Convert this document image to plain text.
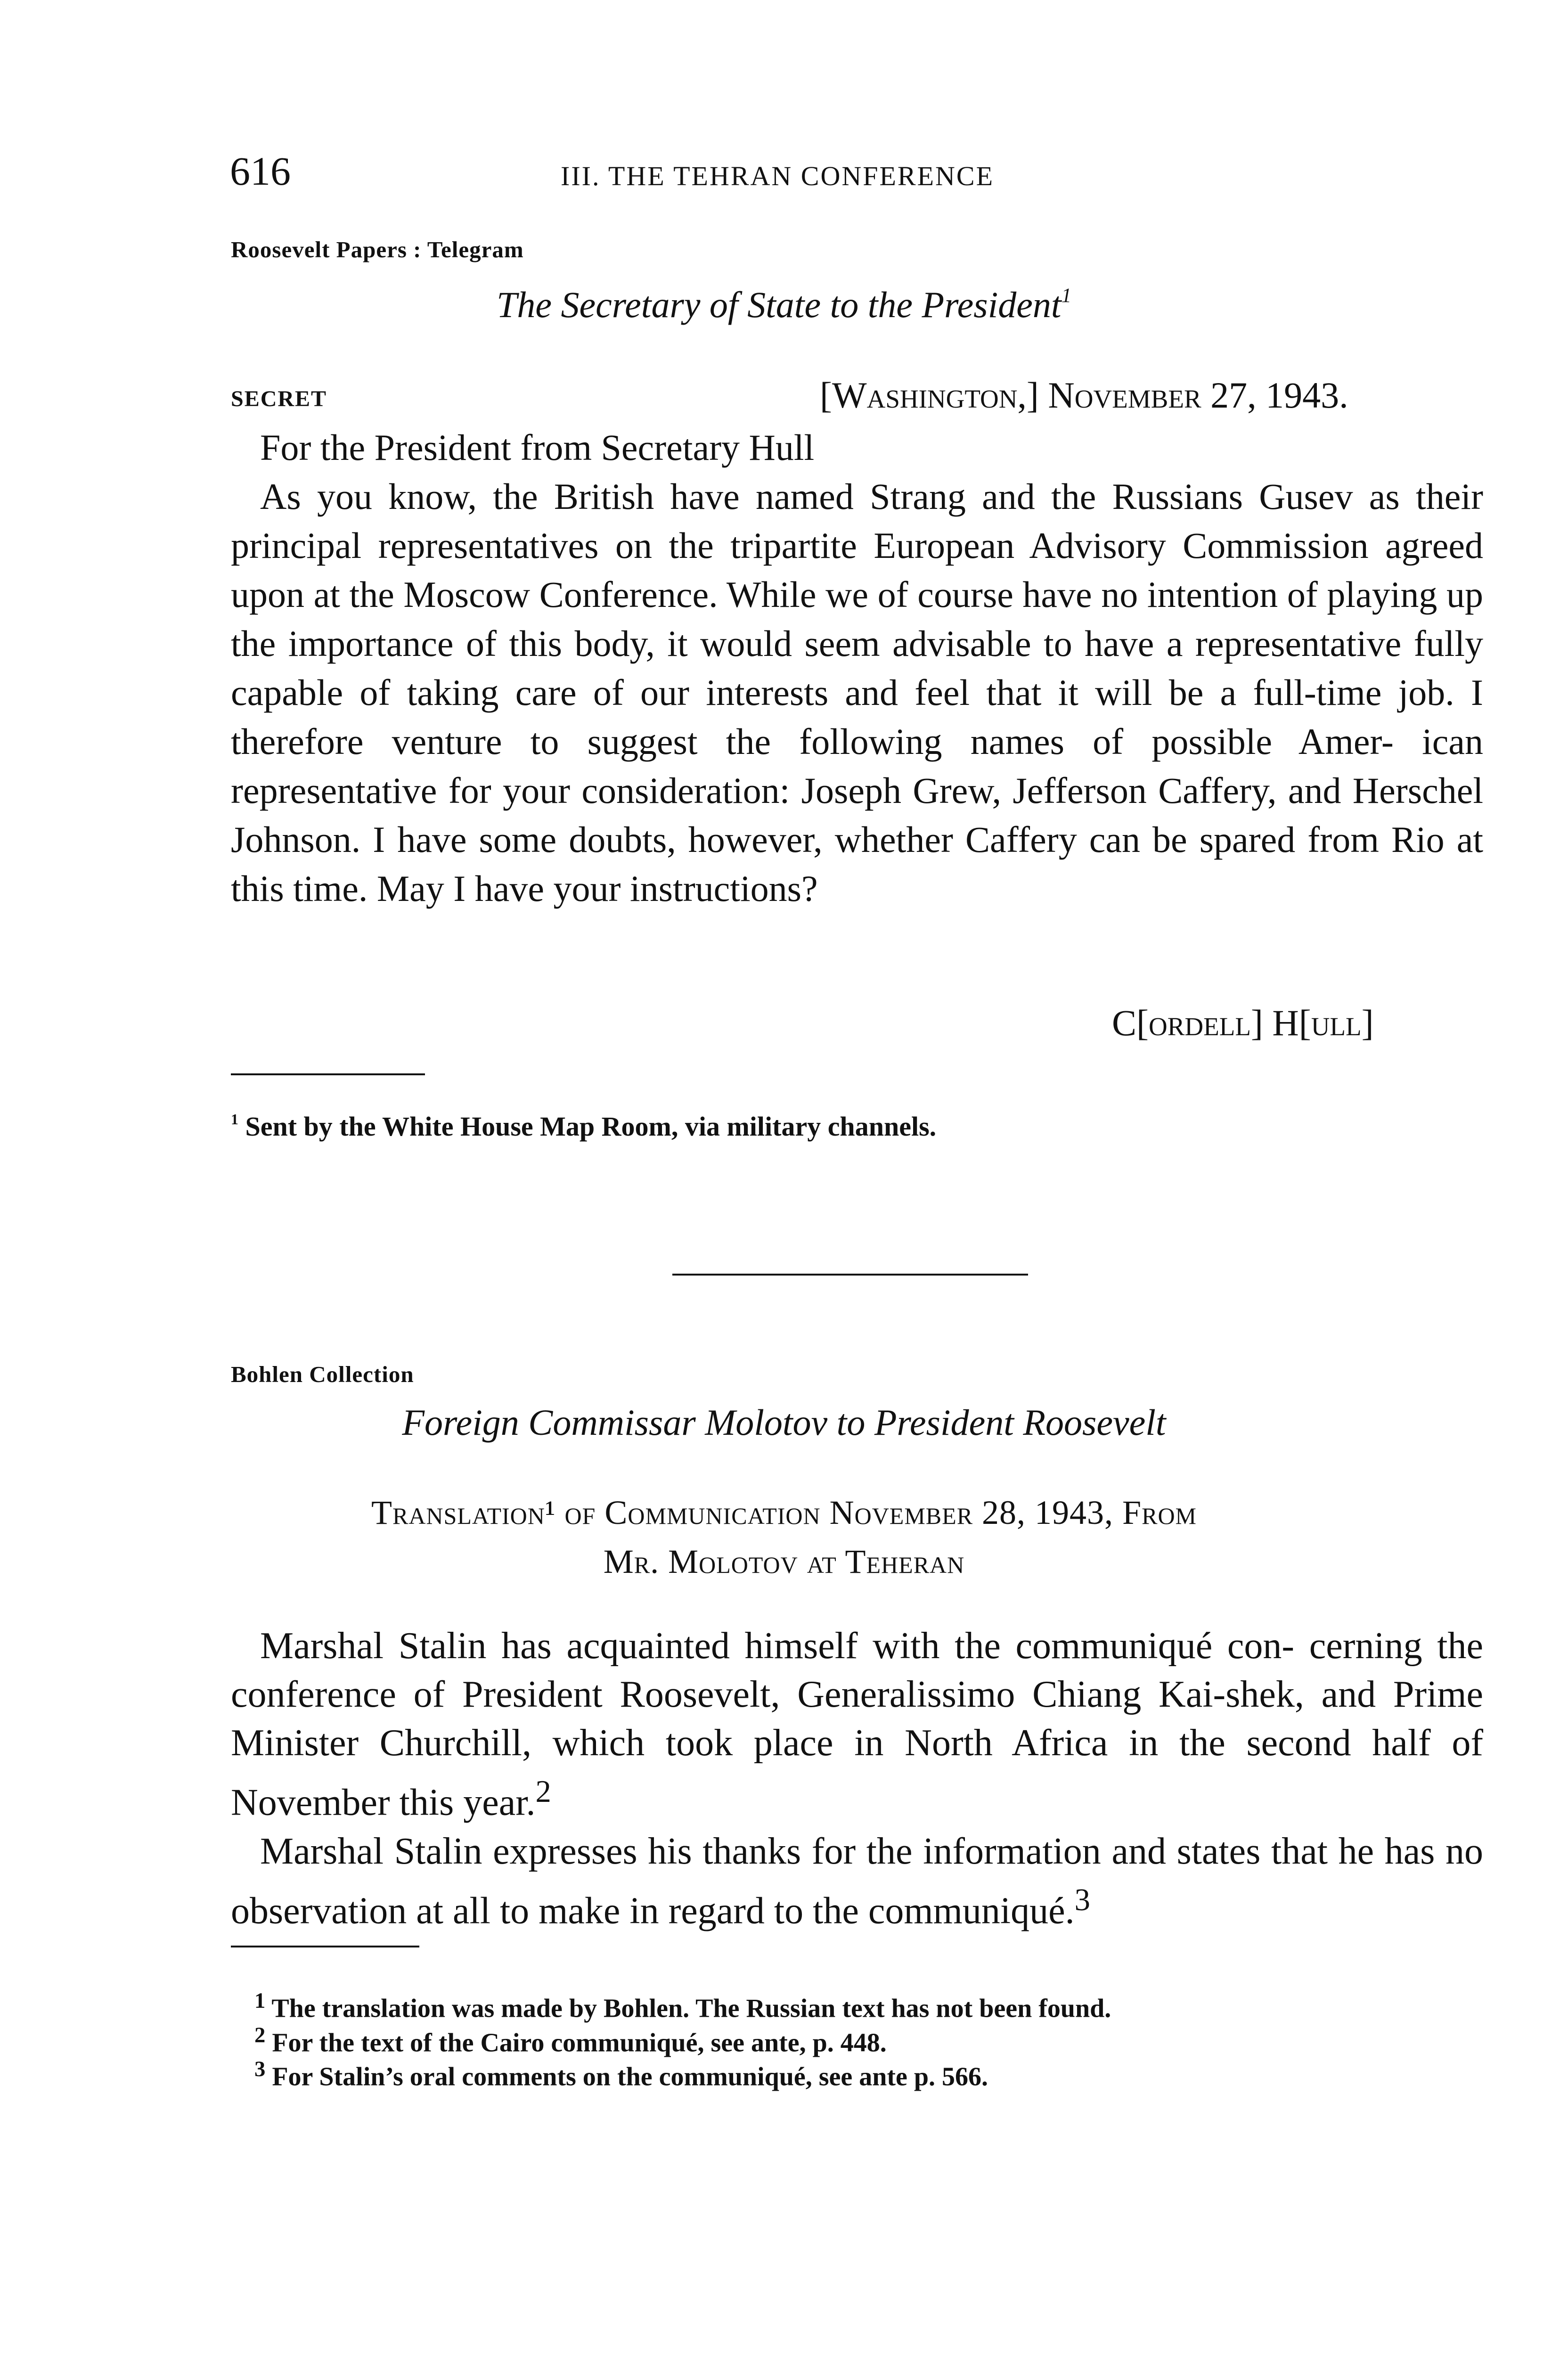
616	III. THE TEHRAN CONFERENCE
Roosevelt Papers : Telegram
The Secretary of State to the President$^1$
SECRET	[Washington,] November 27, 1943.

For the President from Secretary Hull

As you know, the British have named Strang and the Russians Gusev as their principal representatives on the tripartite European Advisory Commission agreed upon at the Moscow Conference. While we of course have no intention of playing up the importance of this body, it would seem advisable to have a representative fully capable of taking care of our interests and feel that it will be a full-time job. I therefore venture to suggest the following names of possible Amer- ican representative for your consideration: Joseph Grew, Jefferson Caffery, and Herschel Johnson. I have some doubts, however, whether Caffery can be spared from Rio at this time. May I have your instructions?

C[ordell] H[ull]
$^1$ Sent by the White House Map Room, via military channels.
Bohlen Collection
Foreign Commissar Molotov to President Roosevelt
Translation¹ of Communication November 28, 1943, From
Mr. Molotov at Teheran

Marshal Stalin has acquainted himself with the communiqué con- cerning the conference of President Roosevelt, Generalissimo Chiang Kai-shek, and Prime Minister Churchill, which took place in North Africa in the second half of November this year.$^2$

Marshal Stalin expresses his thanks for the information and states that he has no observation at all to make in regard to the communiqué.$^3$

$^1$ The translation was made by Bohlen. The Russian text has not been found.
$^2$ For the text of the Cairo communiqué, see ante, p. 448.
$^3$ For Stalin’s oral comments on the communiqué, see ante p. 566.
